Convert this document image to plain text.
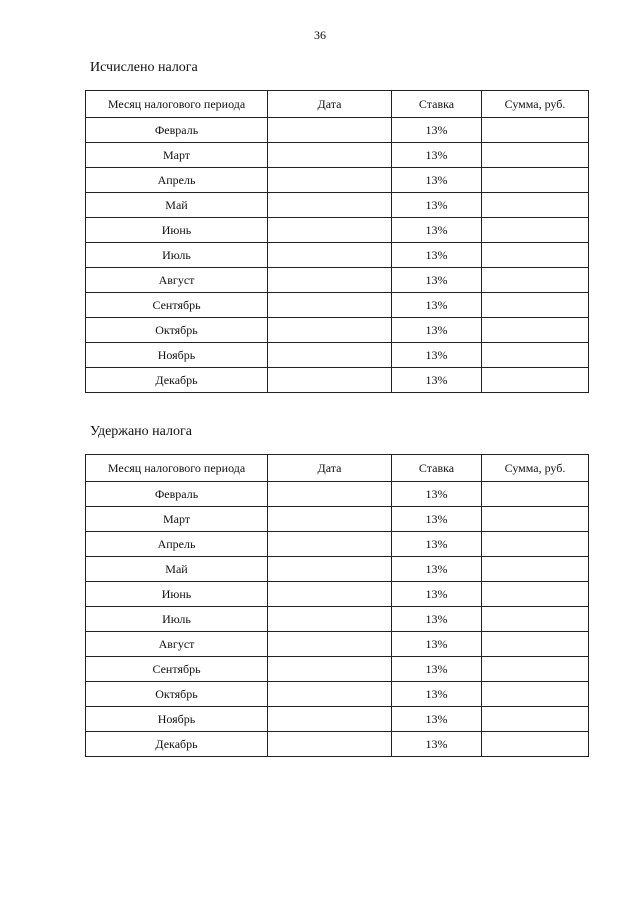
36
Исчислено налога
Месяц налогового периода	Дата	Ставка	Сумма, руб.
Февраль		13%	
Март		13%	
Апрель		13%	
Май		13%	
Июнь		13%	
Июль		13%	
Август		13%	
Сентябрь		13%	
Октябрь		13%	
Ноябрь		13%	
Декабрь		13%	
Удержано налога
Месяц налогового периода	Дата	Ставка	Сумма, руб.
Февраль		13%	
Март		13%	
Апрель		13%	
Май		13%	
Июнь		13%	
Июль		13%	
Август		13%	
Сентябрь		13%	
Октябрь		13%	
Ноябрь		13%	
Декабрь		13%	
